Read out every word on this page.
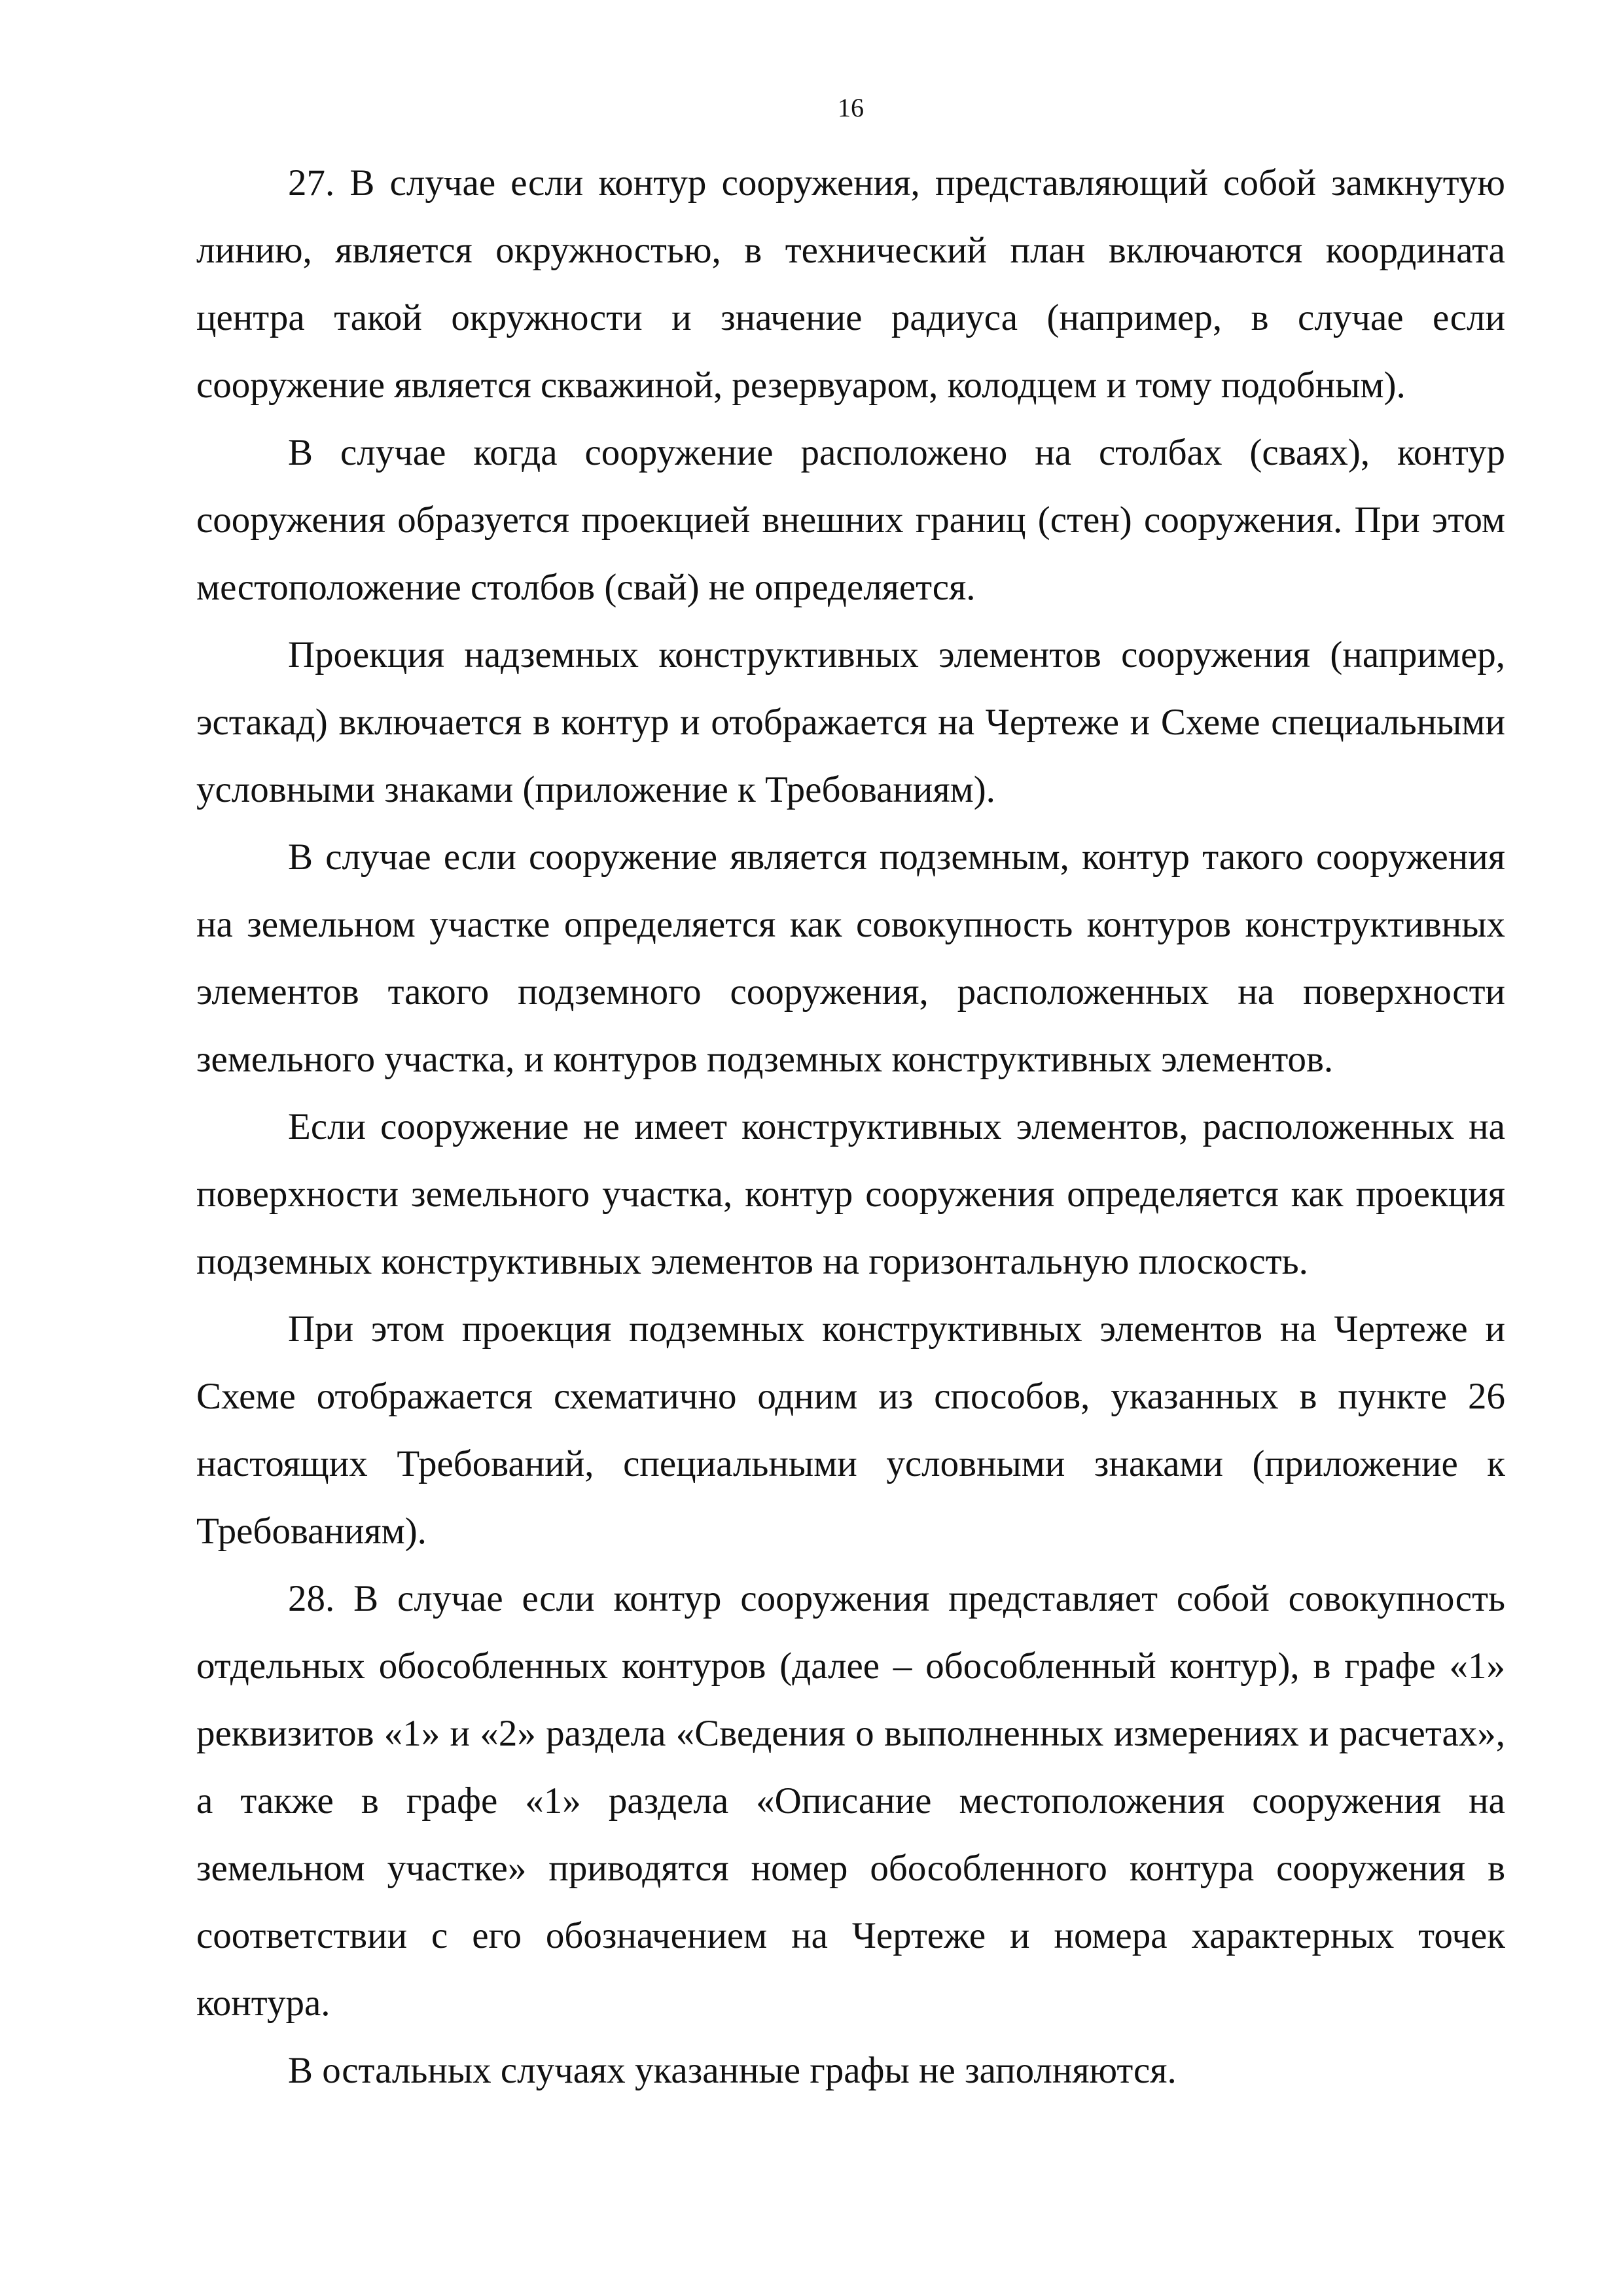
16

27. В случае если контур сооружения, представляющий собой замкнутую линию, является окружностью, в технический план включаются координата центра такой окружности и значение радиуса (например, в случае если сооружение является скважиной, резервуаром, колодцем и тому подобным).

В случае когда сооружение расположено на столбах (сваях), контур сооружения образуется проекцией внешних границ (стен) сооружения. При этом местоположение столбов (свай) не определяется.

Проекция надземных конструктивных элементов сооружения (например, эстакад) включается в контур и отображается на Чертеже и Схеме специальными условными знаками (приложение к Требованиям).

В случае если сооружение является подземным, контур такого сооружения на земельном участке определяется как совокупность контуров конструктивных элементов такого подземного сооружения, расположенных на поверхности земельного участка, и контуров подземных конструктивных элементов.

Если сооружение не имеет конструктивных элементов, расположенных на поверхности земельного участка, контур сооружения определяется как проекция подземных конструктивных элементов на горизонтальную плоскость.

При этом проекция подземных конструктивных элементов на Чертеже и Схеме отображается схематично одним из способов, указанных в пункте 26 настоящих Требований, специальными условными знаками (приложение к Требованиям).

28. В случае если контур сооружения представляет собой совокупность отдельных обособленных контуров (далее – обособленный контур), в графе «1» реквизитов «1» и «2» раздела «Сведения о выполненных измерениях и расчетах», а также в графе «1» раздела «Описание местоположения сооружения на земельном участке» приводятся номер обособленного контура сооружения в соответствии с его обозначением на Чертеже и номера характерных точек контура.

В остальных случаях указанные графы не заполняются.
